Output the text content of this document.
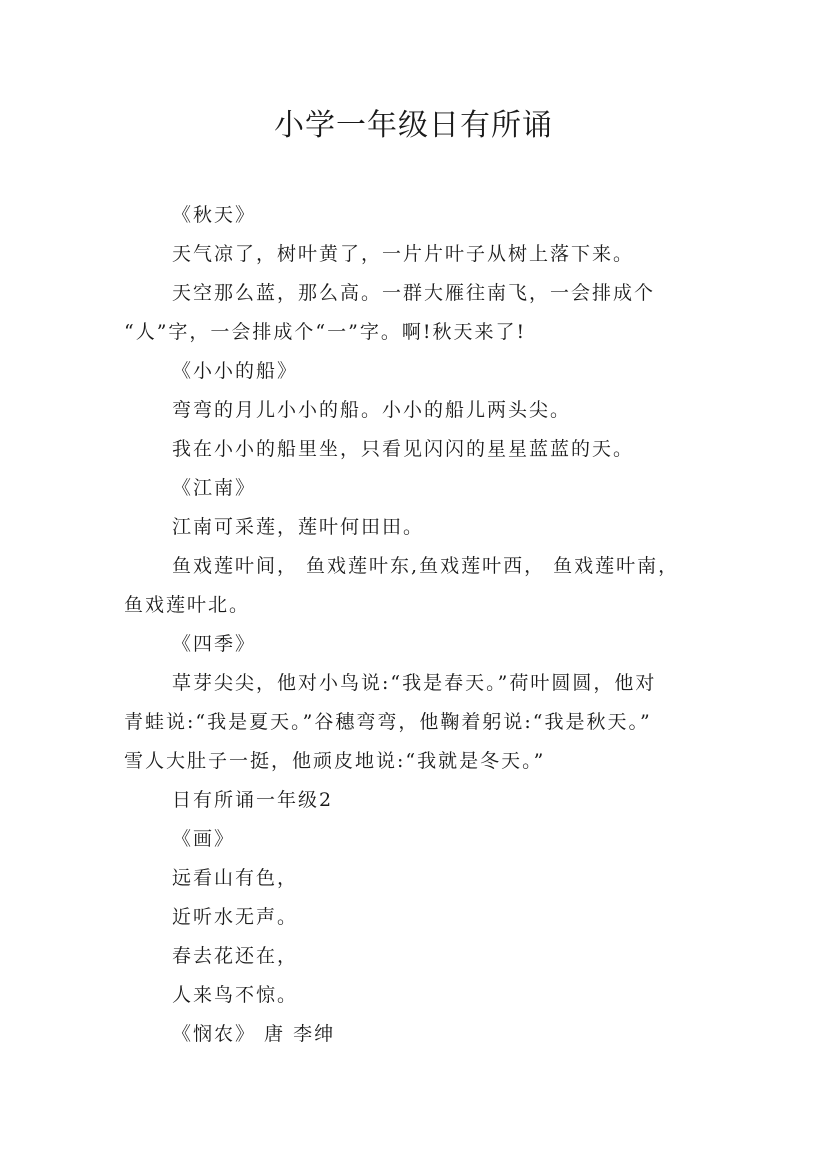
小学一年级日有所诵
《秋天》
天气凉了，树叶黄了，一片片叶子从树上落下来。
天空那么蓝，那么高。一群大雁往南飞，一会排成个
“人”字，一会排成个“一”字。啊!秋天来了!
《小小的船》
弯弯的月儿小小的船。小小的船儿两头尖。
我在小小的船里坐，只看见闪闪的星星蓝蓝的天。
《江南》
江南可采莲，莲叶何田田。
鱼戏莲叶间， 鱼戏莲叶东,鱼戏莲叶西， 鱼戏莲叶南，
鱼戏莲叶北。
《四季》
草芽尖尖，他对小鸟说:“我是春天。”荷叶圆圆，他对
青蛙说:“我是夏天。”谷穗弯弯，他鞠着躬说:“我是秋天。”
雪人大肚子一挺，他顽皮地说:“我就是冬天。”
日有所诵一年级2
《画》
远看山有色，
近听水无声。
春去花还在，
人来鸟不惊。
《悯农》 唐 李绅
